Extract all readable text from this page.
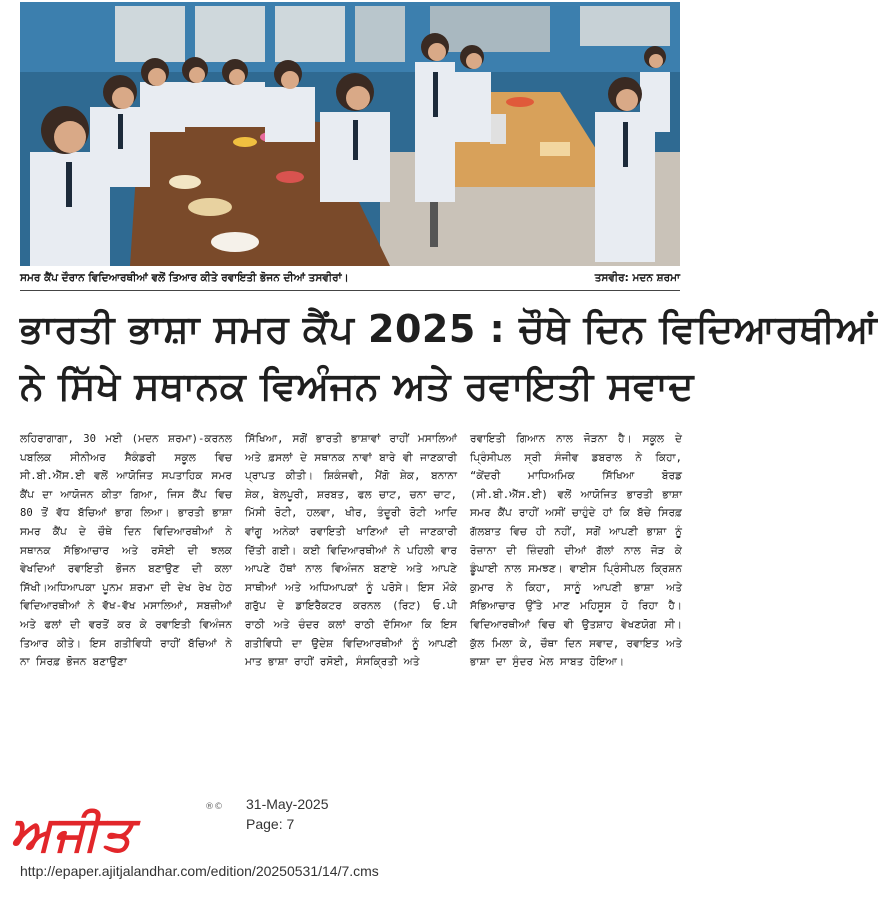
ਸਮਰ ਕੈਂਪ ਦੌਰਾਨ ਵਿਦਿਆਰਥੀਆਂ ਵਲੋਂ ਤਿਆਰ ਕੀਤੇ ਰਵਾਇਤੀ ਭੋਜਨ ਦੀਆਂ ਤਸਵੀਰਾਂ।	ਤਸਵੀਰ: ਮਦਨ ਸ਼ਰਮਾ
ਭਾਰਤੀ ਭਾਸ਼ਾ ਸਮਰ ਕੈਂਪ 2025 : ਚੌਥੇ ਦਿਨ ਵਿਦਿਆਰਥੀਆਂ
ਨੇ ਸਿੱਖੇ ਸਥਾਨਕ ਵਿਅੰਜਨ ਅਤੇ ਰਵਾਇਤੀ ਸਵਾਦ

ਲਹਿਰਾਗਾਗਾ, 30 ਮਈ (ਮਦਨ ਸ਼ਰਮਾ)-ਕਰਨਲ ਪਬਲਿਕ ਸੀਨੀਅਰ ਸੈਕੰਡਰੀ ਸਕੂਲ ਵਿਚ ਸੀ.ਬੀ.ਐੱਸ.ਈ ਵਲੋਂ ਆਯੋਜਿਤ ਸਪਤਾਹਿਕ ਸਮਰ ਕੈਂਪ ਦਾ ਆਯੋਜਨ ਕੀਤਾ ਗਿਆ, ਜਿਸ ਕੈਂਪ ਵਿਚ 80 ਤੋਂ ਵੱਧ ਬੱਚਿਆਂ ਭਾਗ ਲਿਆ। ਭਾਰਤੀ ਭਾਸ਼ਾ ਸਮਰ ਕੈਂਪ ਦੇ ਚੌਥੇ ਦਿਨ ਵਿਦਿਆਰਥੀਆਂ ਨੇ ਸਥਾਨਕ ਸੱਭਿਆਚਾਰ ਅਤੇ ਰਸੋਈ ਦੀ ਝਲਕ ਵੇਖਦਿਆਂ ਰਵਾਇਤੀ ਭੋਜਨ ਬਣਾਉਣ ਦੀ ਕਲਾ ਸਿੱਖੀ।ਅਧਿਆਪਕਾ ਪੂਨਮ ਸ਼ਰਮਾ ਦੀ ਦੇਖ ਰੇਖ ਹੇਠ ਵਿਦਿਆਰਥੀਆਂ ਨੇ ਵੱਖ-ਵੱਖ ਮਸਾਲਿਆਂ, ਸਬਜ਼ੀਆਂ ਅਤੇ ਫਲਾਂ ਦੀ ਵਰਤੋਂ ਕਰ ਕੇ ਰਵਾਇਤੀ ਵਿਅੰਜਨ ਤਿਆਰ ਕੀਤੇ। ਇਸ ਗਤੀਵਿਧੀ ਰਾਹੀਂ ਬੱਚਿਆਂ ਨੇ ਨਾ ਸਿਰਫ਼ ਭੋਜਨ ਬਣਾਉਣਾ

ਸਿੱਖਿਆ, ਸਗੋਂ ਭਾਰਤੀ ਭਾਸ਼ਾਵਾਂ ਰਾਹੀਂ ਮਸਾਲਿਆਂ ਅਤੇ ਫ਼ਸਲਾਂ ਦੇ ਸਥਾਨਕ ਨਾਵਾਂ ਬਾਰੇ ਵੀ ਜਾਣਕਾਰੀ ਪ੍ਰਾਪਤ ਕੀਤੀ। ਸ਼ਿਕੰਜਵੀ, ਮੈਂਗੋ ਸ਼ੇਕ, ਬਨਾਨਾ ਸ਼ੇਕ, ਬੇਲਪੂਰੀ, ਸ਼ਰਬਤ, ਫਲ ਚਾਟ, ਚਨਾ ਚਾਟ, ਮਿੱਸੀ ਰੋਟੀ, ਹਲਵਾ, ਖੀਰ, ਤੰਦੂਰੀ ਰੋਟੀ ਆਦਿ ਵਾਂਗੂ ਅਨੇਕਾਂ ਰਵਾਇਤੀ ਖਾਣਿਆਂ ਦੀ ਜਾਣਕਾਰੀ ਦਿੱਤੀ ਗਈ। ਕਈ ਵਿਦਿਆਰਥੀਆਂ ਨੇ ਪਹਿਲੀ ਵਾਰ ਆਪਣੇ ਹੱਥਾਂ ਨਾਲ ਵਿਅੰਜਨ ਬਣਾਏ ਅਤੇ ਆਪਣੇ ਸਾਥੀਆਂ ਅਤੇ ਅਧਿਆਪਕਾਂ ਨੂੰ ਪਰੋਸੇ। ਇਸ ਮੌਕੇ ਗਰੁੱਪ ਦੇ ਡਾਇਰੈਕਟਰ ਕਰਨਲ (ਰਿਟ) ਓ.ਪੀ ਰਾਠੀ ਅਤੇ ਚੰਦਰ ਕਲਾਂ ਰਾਠੀ ਦੱਸਿਆ ਕਿ ਇਸ ਗਤੀਵਿਧੀ ਦਾ ਉਦੇਸ਼ ਵਿਦਿਆਰਥੀਆਂ ਨੂੰ ਆਪਣੀ ਮਾਤ ਭਾਸ਼ਾ ਰਾਹੀਂ ਰਸੋਈ, ਸੰਸਕ੍ਰਿਤੀ ਅਤੇ

ਰਵਾਇਤੀ ਗਿਆਨ ਨਾਲ ਜੋੜਨਾ ਹੈ। ਸਕੂਲ ਦੇ ਪ੍ਰਿੰਸੀਪਲ ਸ੍ਰੀ ਸੰਜੀਵ ਡਬਰਾਲ ਨੇ ਕਿਹਾ, “ਕੇਂਦਰੀ ਮਾਧਿਅਮਿਕ ਸਿੱਖਿਆ ਬੋਰਡ (ਸੀ.ਬੀ.ਐੱਸ.ਈ) ਵਲੋਂ ਆਯੋਜਿਤ ਭਾਰਤੀ ਭਾਸ਼ਾ ਸਮਰ ਕੈਂਪ ਰਾਹੀਂ ਅਸੀਂ ਚਾਹੁੰਦੇ ਹਾਂ ਕਿ ਬੱਚੇ ਸਿਰਫ਼ ਗੱਲਬਾਤ ਵਿਚ ਹੀ ਨਹੀਂ, ਸਗੋਂ ਆਪਣੀ ਭਾਸ਼ਾ ਨੂੰ ਰੋਜ਼ਾਨਾ ਦੀ ਜ਼ਿੰਦਗੀ ਦੀਆਂ ਗੱਲਾਂ ਨਾਲ ਜੋੜ ਕੇ ਡੂੰਘਾਈ ਨਾਲ ਸਮਝਣ। ਵਾਈਸ ਪ੍ਰਿੰਸੀਪਲ ਕ੍ਰਿਸ਼ਨ ਕੁਮਾਰ ਨੇ ਕਿਹਾ, ਸਾਨੂੰ ਆਪਣੀ ਭਾਸ਼ਾ ਅਤੇ ਸੱਭਿਆਚਾਰ ਉੱਤੇ ਮਾਣ ਮਹਿਸੂਸ ਹੋ ਰਿਹਾ ਹੈ। ਵਿਦਿਆਰਥੀਆਂ ਵਿਚ ਵੀ ਉਤਸ਼ਾਹ ਵੇਖਣਯੋਗ ਸੀ। ਕੁੱਲ ਮਿਲਾ ਕੇ, ਚੌਥਾ ਦਿਨ ਸਵਾਦ, ਰਵਾਇਤ ਅਤੇ ਭਾਸ਼ਾ ਦਾ ਸੁੰਦਰ ਮੇਲ ਸਾਬਤ ਹੋਇਆ।

ਅਜੀਤ	®© 31-May-2025
Page: 7
http://epaper.ajitjalandhar.com/edition/20250531/14/7.cms
